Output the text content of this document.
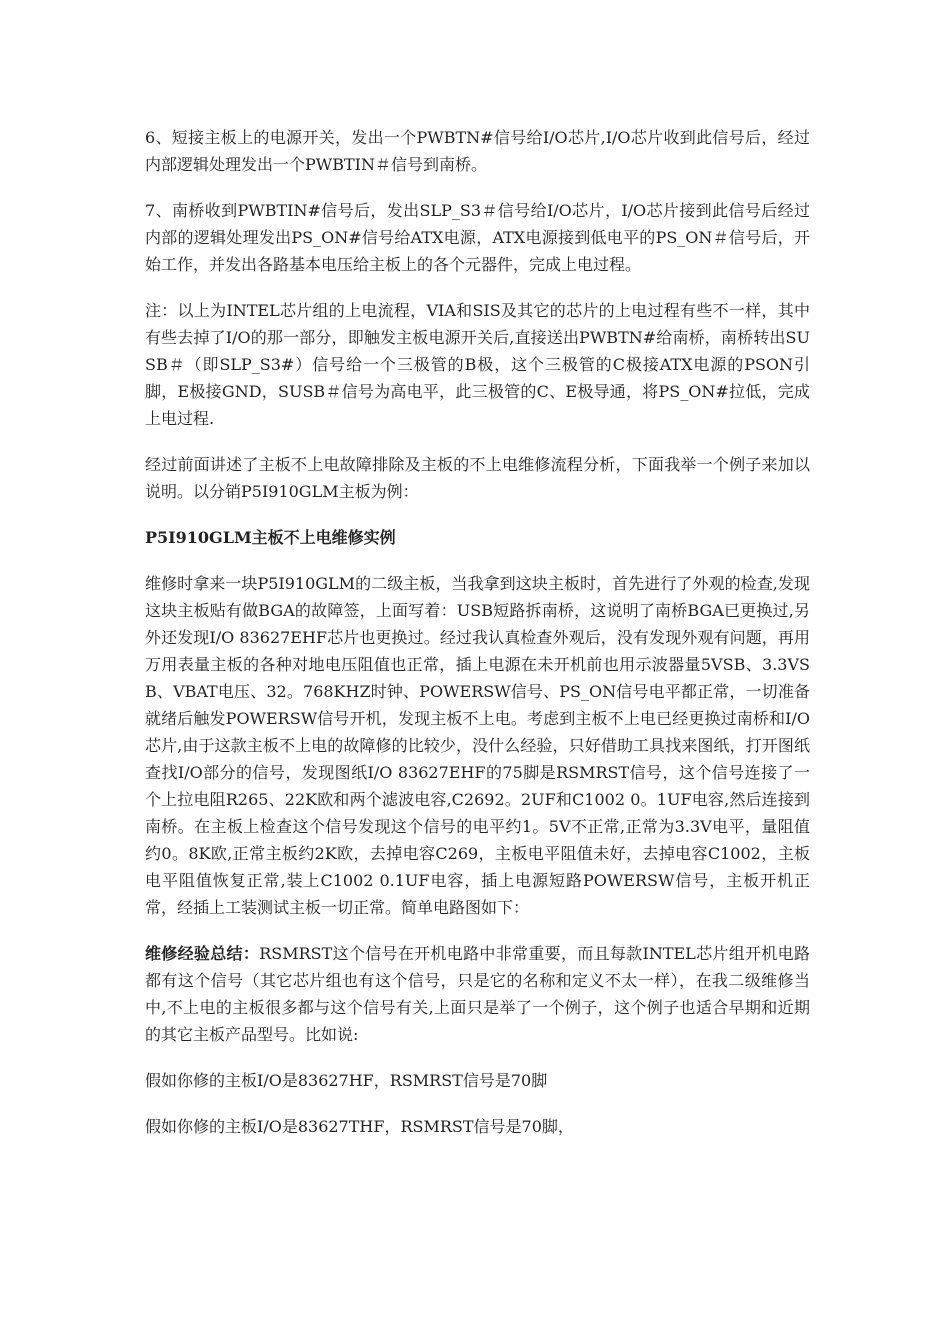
6、短接主板上的电源开关，发出一个PWBTN#信号给I/O芯片,I/O芯片收到此信号后，经过内部逻辑处理发出一个PWBTIN＃信号到南桥。

7、南桥收到PWBTIN#信号后，发出SLP_S3＃信号给I/O芯片，I/O芯片接到此信号后经过内部的逻辑处理发出PS_ON#信号给ATX电源，ATX电源接到低电平的PS_ON＃信号后，开始工作，并发出各路基本电压给主板上的各个元器件，完成上电过程。

注：以上为INTEL芯片组的上电流程，VIA和SIS及其它的芯片的上电过程有些不一样，其中有些去掉了I/O的那一部分，即触发主板电源开关后,直接送出PWBTN#给南桥，南桥转出SUSB＃（即SLP_S3#）信号给一个三极管的B极，这个三极管的C极接ATX电源的PSON引脚，E极接GND，SUSB＃信号为高电平，此三极管的C、E极导通，将PS_ON#拉低，完成上电过程.

经过前面讲述了主板不上电故障排除及主板的不上电维修流程分析，下面我举一个例子来加以说明。以分销P5I910GLM主板为例：

P5I910GLM主板不上电维修实例

维修时拿来一块P5I910GLM的二级主板，当我拿到这块主板时，首先进行了外观的检查,发现这块主板贴有做BGA的故障签，上面写着：USB短路拆南桥，这说明了南桥BGA已更换过,另外还发现I/O 83627EHF芯片也更换过。经过我认真检查外观后，没有发现外观有问题，再用万用表量主板的各种对地电压阻值也正常，插上电源在未开机前也用示波器量5VSB、3.3VSB、VBAT电压、32。768KHZ时钟、POWERSW信号、PS_ON信号电平都正常，一切准备就绪后触发POWERSW信号开机，发现主板不上电。考虑到主板不上电已经更换过南桥和I/O芯片,由于这款主板不上电的故障修的比较少，没什么经验，只好借助工具找来图纸，打开图纸查找I/O部分的信号，发现图纸I/O 83627EHF的75脚是RSMRST信号，这个信号连接了一个上拉电阻R265、22K欧和两个滤波电容,C2692。2UF和C1002 0。1UF电容,然后连接到南桥。在主板上检查这个信号发现这个信号的电平约1。5V不正常,正常为3.3V电平，量阻值约0。8K欧,正常主板约2K欧，去掉电容C269，主板电平阻值未好，去掉电容C1002，主板电平阻值恢复正常,装上C1002 0.1UF电容，插上电源短路POWERSW信号，主板开机正常，经插上工装测试主板一切正常。简单电路图如下：

维修经验总结：RSMRST这个信号在开机电路中非常重要，而且每款INTEL芯片组开机电路都有这个信号（其它芯片组也有这个信号，只是它的名称和定义不太一样），在我二级维修当中,不上电的主板很多都与这个信号有关,上面只是举了一个例子，这个例子也适合早期和近期的其它主板产品型号。比如说:

假如你修的主板I/O是83627HF，RSMRST信号是70脚

假如你修的主板I/O是83627THF，RSMRST信号是70脚，
